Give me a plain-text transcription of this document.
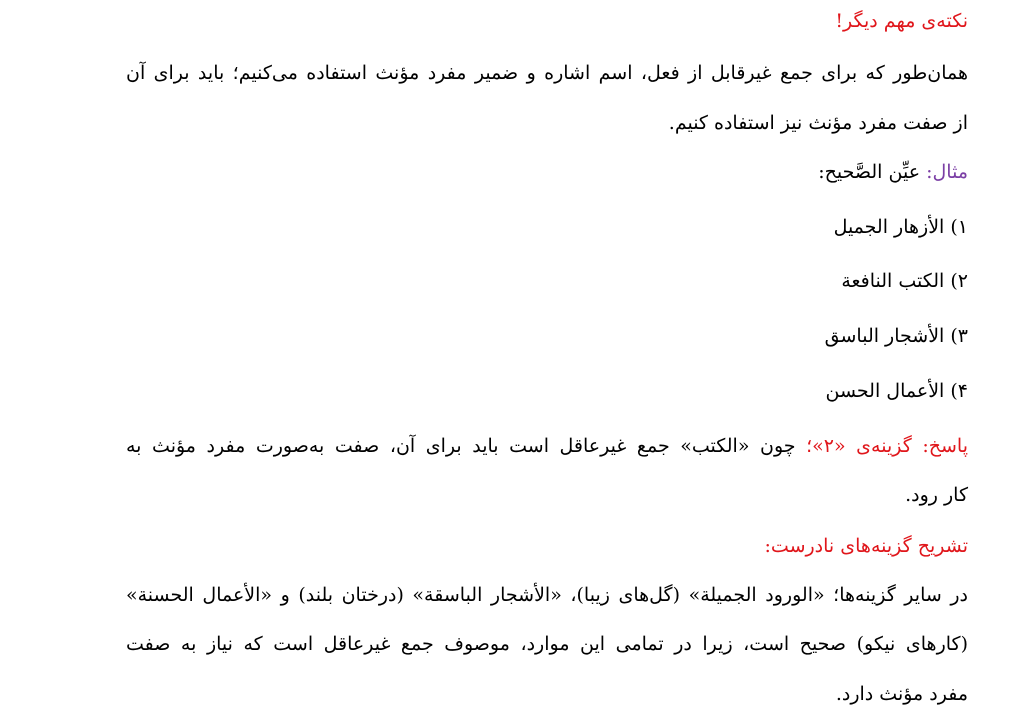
نکته‌ی مهم دیگر!
همان‌طور که برای جمع غیرقابل از فعل، اسم اشاره و ضمیر مفرد مؤنث استفاده می‌کنیم؛ باید برای آن
از صفت مفرد مؤنث نیز استفاده کنیم.
مثال: عیِّن الصَّحیح:
۱) الأزهار الجمیل
۲) الکتب النافعة
۳) الأشجار الباسق
۴) الأعمال الحسن
پاسخ: گزینه‌ی «۲»؛ چون «الکتب» جمع غیرعاقل است باید برای آن، صفت به‌صورت مفرد مؤنث به
کار رود.
تشریح گزینه‌های نادرست:
در سایر گزینه‌ها؛ «الورود الجمیلة» (گل‌های زیبا)، «الأشجار الباسقة» (درختان بلند) و «الأعمال الحسنة»
(کارهای نیکو) صحیح است، زیرا در تمامی این موارد، موصوف جمع غیرعاقل است که نیاز به صفت
مفرد مؤنث دارد.
